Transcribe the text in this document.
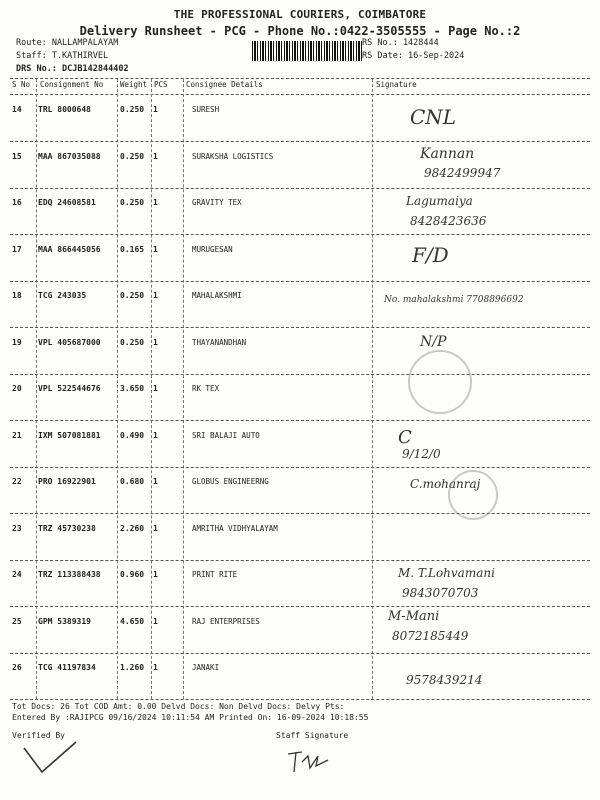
THE PROFESSIONAL COURIERS, COIMBATORE
Delivery Runsheet - PCG - Phone No.:0422-3505555 - Page No.:2
Route: NALLAMPALAYAM
Staff: T.KATHIRVEL
DRS No.: DCJB142844402
RS No.: 1428444
RS Date: 16-Sep-2024
S No Consignment No Weight PCS Consignee Details	Signature
14 TRL 8000648	0.250 1	SURESH	CNL
15 MAA 867035088 0.250 1	SURAKSHA LOGISTICS	Kannan
9842499947
16 EDQ 24608581	0.250 1	GRAVITY TEX	Lagumaiya
8428423636
17 MAA 866445056 0.165 1	MURUGESAN	F/D
18 TCG 243035	0.250 1	MAHALAKSHMI	No. mahalakshmi 7708896692
19 VPL 405687000 0.250 1	THAYANANDHAN	N/P
20 VPL 522544676 3.650 1	RK TEX
21 IXM 507081881 0.490 1	SRI BALAJI AUTO	C
9/12/0
22 PRO 16922901	0.680 1	GLOBUS ENGINEERNG	C.mohanraj
23 TRZ 45730238	2.260 1	AMRITHA VIDHYALAYAM
24 TRZ 113388438 0.960 1	PRINT RITE	M. T.Lohvamani
9843070703
25 GPM 5389319	4.650 1	RAJ ENTERPRISES	M-Mani
8072185449
26 TCG 41197834	1.260 1	JANAKI
9578439214
Tot Docs: 26 Tot COD Amt: 0.00 Delvd Docs: Non Delvd Docs: Delvy Pts:
Entered By :RAJIPCG 09/16/2024 10:11:54 AM Printed On: 16-09-2024 10:18:55
Verified By	Staff Signature
